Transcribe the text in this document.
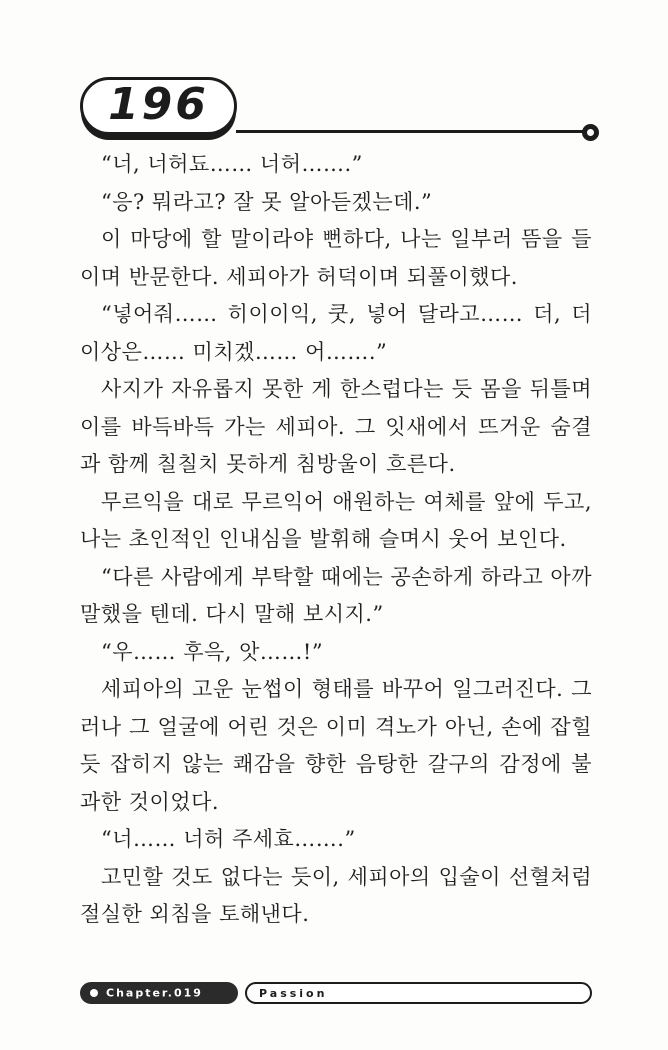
196

“너, 너허됴…… 너허…….”

“응? 뭐라고? 잘 못 알아듣겠는데.”

이 마당에 할 말이라야 뻔하다, 나는 일부러 뜸을 들이며 반문한다. 세피아가 허덕이며 되풀이했다.

“넣어줘…… 히이이익, 쿳, 넣어 달라고…… 더, 더 이상은…… 미치겠…… 어…….”

사지가 자유롭지 못한 게 한스럽다는 듯 몸을 뒤틀며 이를 바득바득 가는 세피아. 그 잇새에서 뜨거운 숨결과 함께 칠칠치 못하게 침방울이 흐른다.

무르익을 대로 무르익어 애원하는 여체를 앞에 두고, 나는 초인적인 인내심을 발휘해 슬며시 웃어 보인다.

“다른 사람에게 부탁할 때에는 공손하게 하라고 아까 말했을 텐데. 다시 말해 보시지.”

“우…… 후윽, 앗……!”

세피아의 고운 눈썹이 형태를 바꾸어 일그러진다. 그러나 그 얼굴에 어린 것은 이미 격노가 아닌, 손에 잡힐 듯 잡히지 않는 쾌감을 향한 음탕한 갈구의 감정에 불과한 것이었다.

“너…… 너허 주세효…….”

고민할 것도 없다는 듯이, 세피아의 입술이 선혈처럼 절실한 외침을 토해낸다.

Chapter.019	Passion
